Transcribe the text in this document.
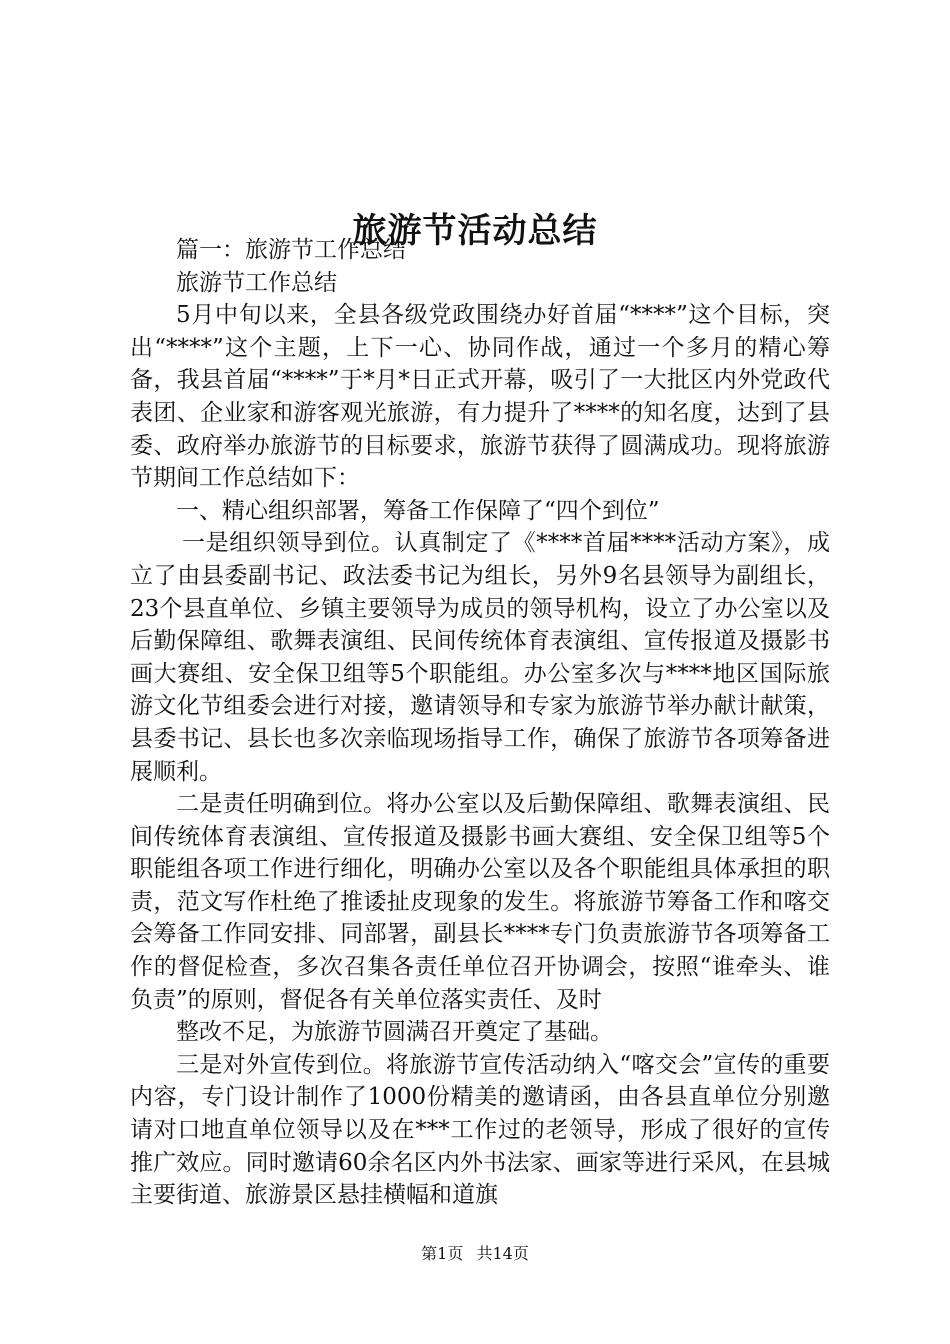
旅游节活动总结

篇一：旅游节工作总结

旅游节工作总结

5月中旬以来，全县各级党政围绕办好首届“****”这个目标，突出“****”这个主题，上下一心、协同作战，通过一个多月的精心筹备，我县首届“****”于*月*日正式开幕，吸引了一大批区内外党政代表团、企业家和游客观光旅游，有力提升了****的知名度，达到了县委、政府举办旅游节的目标要求，旅游节获得了圆满成功。现将旅游节期间工作总结如下：

一、精心组织部署，筹备工作保障了“四个到位”

一是组织领导到位。认真制定了《****首届****活动方案》，成立了由县委副书记、政法委书记为组长，另外9名县领导为副组长，23个县直单位、乡镇主要领导为成员的领导机构，设立了办公室以及后勤保障组、歌舞表演组、民间传统体育表演组、宣传报道及摄影书画大赛组、安全保卫组等5个职能组。办公室多次与****地区国际旅游文化节组委会进行对接，邀请领导和专家为旅游节举办献计献策，县委书记、县长也多次亲临现场指导工作，确保了旅游节各项筹备进展顺利。

二是责任明确到位。将办公室以及后勤保障组、歌舞表演组、民间传统体育表演组、宣传报道及摄影书画大赛组、安全保卫组等5个职能组各项工作进行细化，明确办公室以及各个职能组具体承担的职责，范文写作杜绝了推诿扯皮现象的发生。将旅游节筹备工作和喀交会筹备工作同安排、同部署，副县长****专门负责旅游节各项筹备工作的督促检查，多次召集各责任单位召开协调会，按照“谁牵头、谁负责”的原则，督促各有关单位落实责任、及时

整改不足，为旅游节圆满召开奠定了基础。

三是对外宣传到位。将旅游节宣传活动纳入“喀交会”宣传的重要内容，专门设计制作了1000份精美的邀请函，由各县直单位分别邀请对口地直单位领导以及在***工作过的老领导，形成了很好的宣传推广效应。同时邀请60余名区内外书法家、画家等进行采风，在县城主要街道、旅游景区悬挂横幅和道旗

第1页 共14页
